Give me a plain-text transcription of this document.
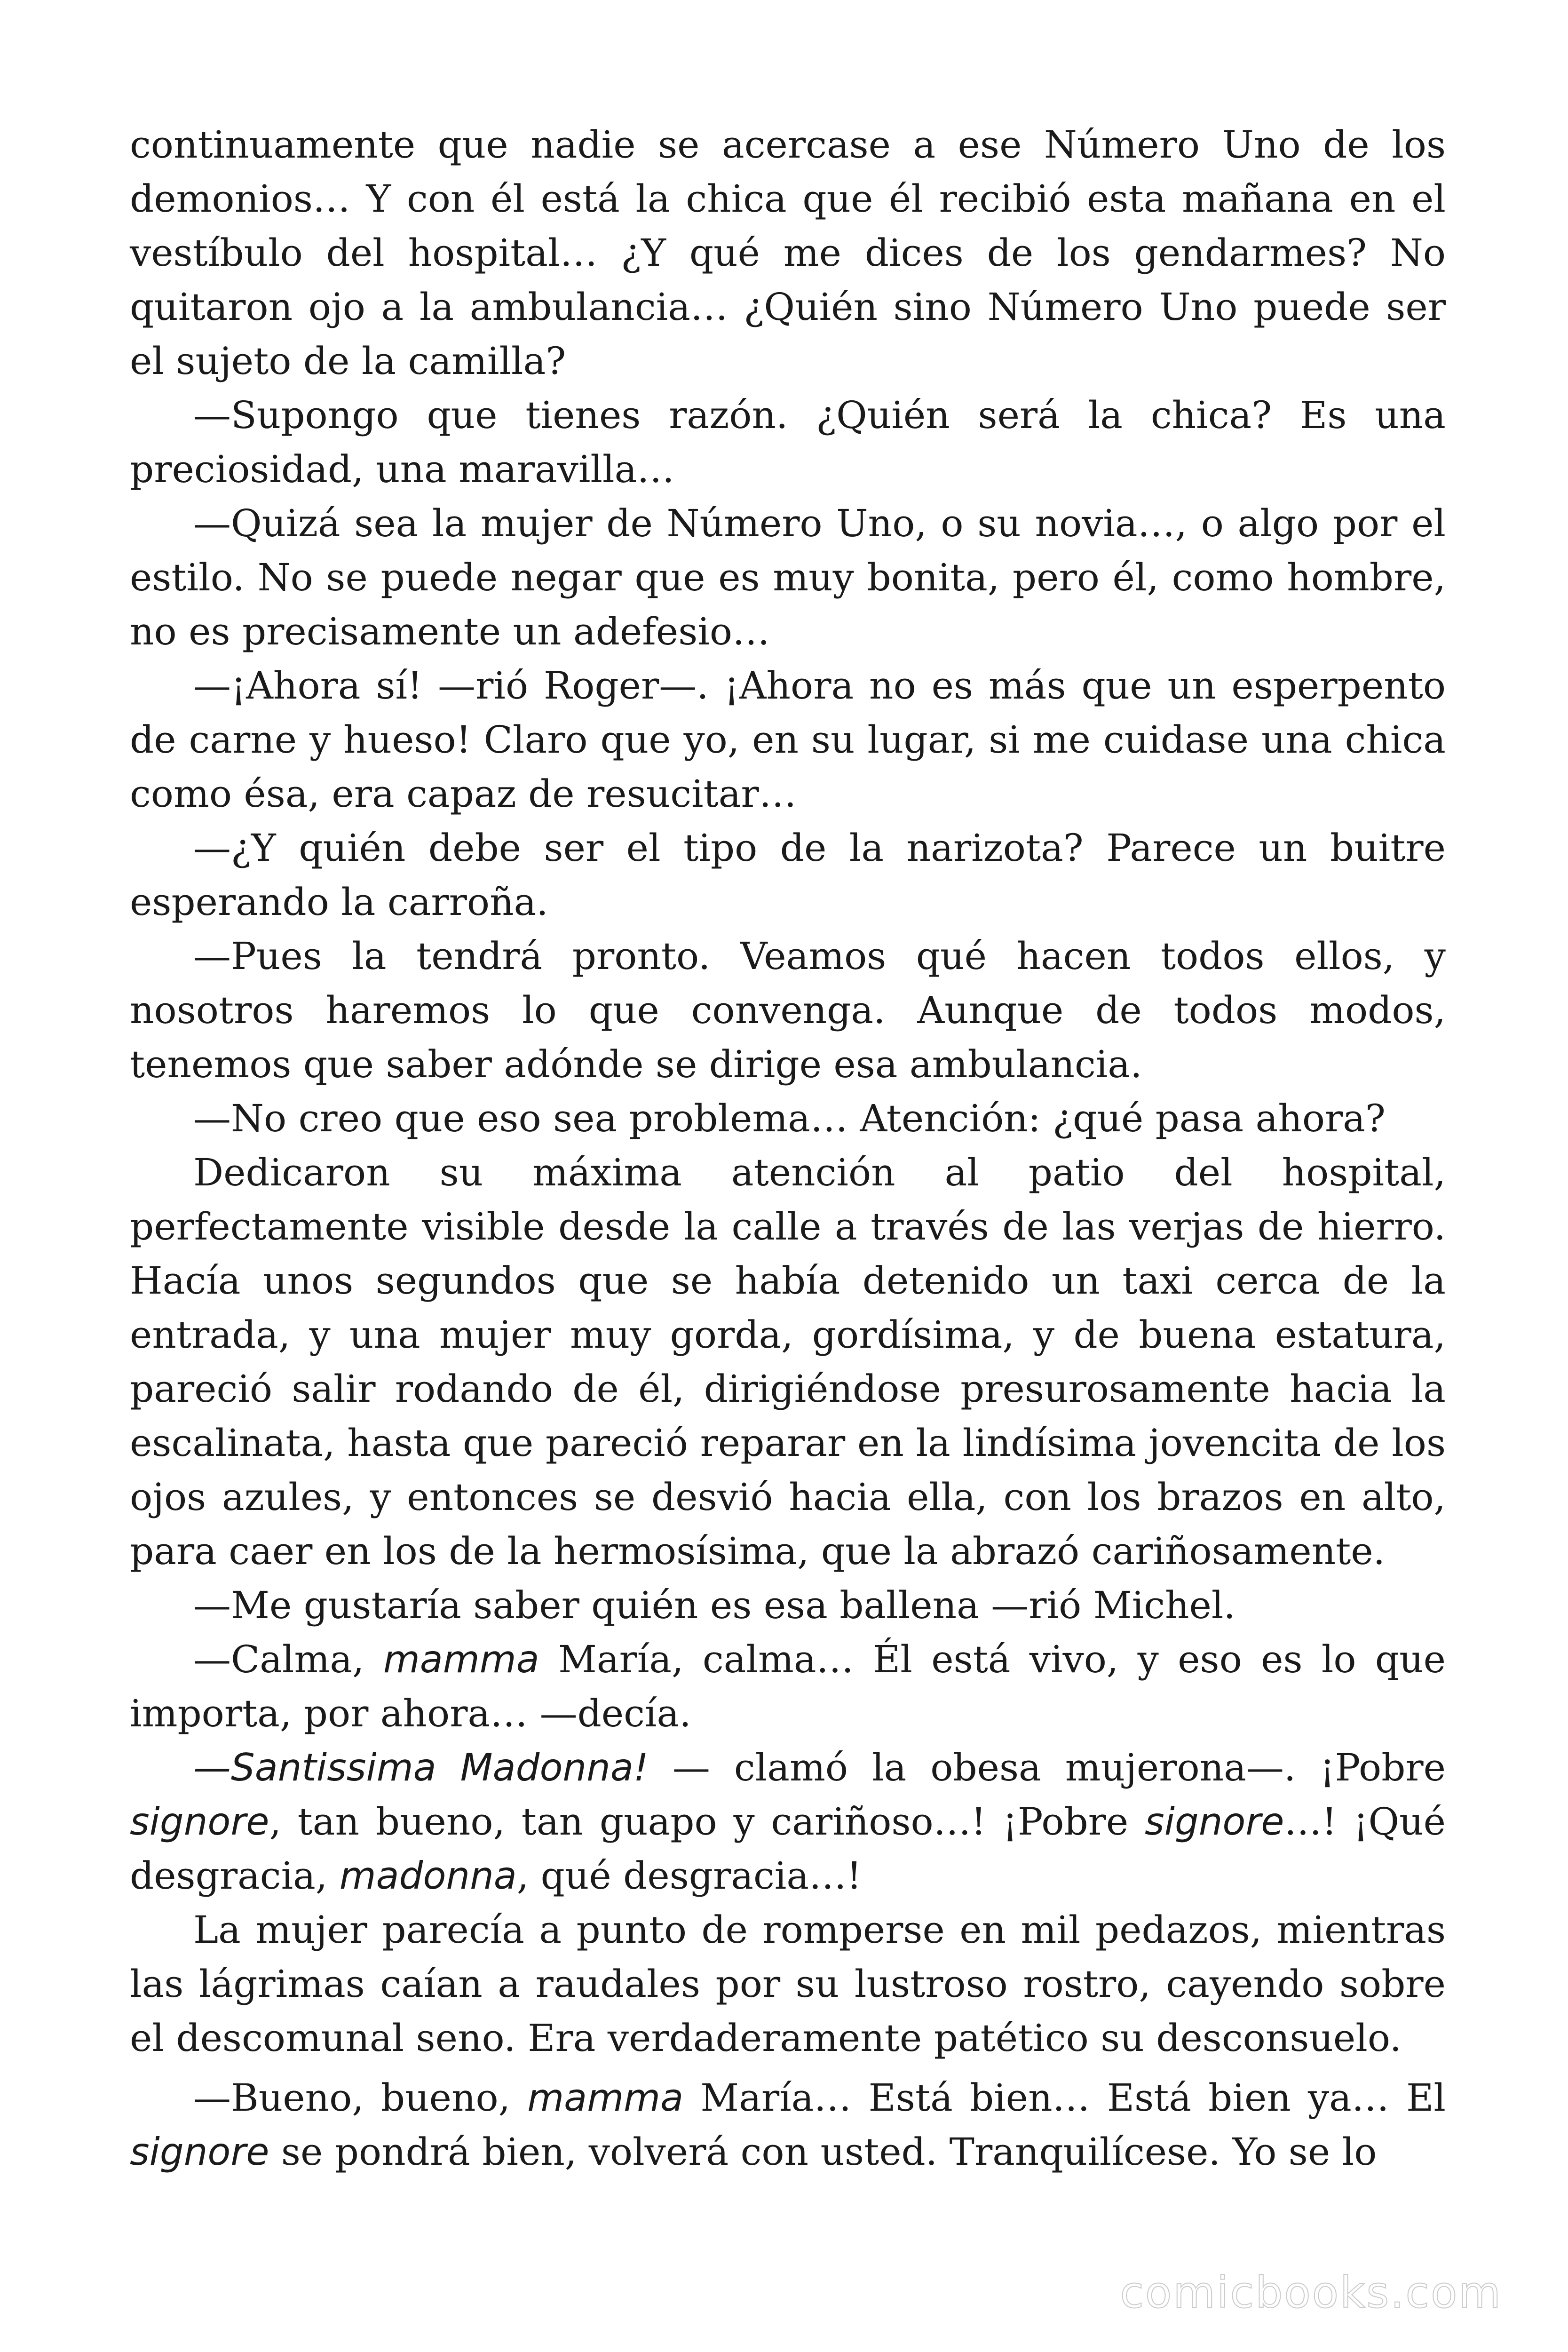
continuamente que nadie se acercase a ese Número Uno de los demonios… Y con él está la chica que él recibió esta mañana en el vestíbulo del hospital… ¿Y qué me dices de los gendarmes? No quitaron ojo a la ambulancia… ¿Quién sino Número Uno puede ser el sujeto de la camilla?

—Supongo que tienes razón. ¿Quién será la chica? Es una preciosidad, una maravilla…

—Quizá sea la mujer de Número Uno, o su novia…, o algo por el estilo. No se puede negar que es muy bonita, pero él, como hombre, no es precisamente un adefesio…

—¡Ahora sí! —rió Roger—. ¡Ahora no es más que un esperpento de carne y hueso! Claro que yo, en su lugar, si me cuidase una chica como ésa, era capaz de resucitar…

—¿Y quién debe ser el tipo de la narizota? Parece un buitre esperando la carroña.

—Pues la tendrá pronto. Veamos qué hacen todos ellos, y nosotros haremos lo que convenga. Aunque de todos modos, tenemos que saber adónde se dirige esa ambulancia.

—No creo que eso sea problema… Atención: ¿qué pasa ahora?

Dedicaron su máxima atención al patio del hospital, perfectamente visible desde la calle a través de las verjas de hierro. Hacía unos segundos que se había detenido un taxi cerca de la entrada, y una mujer muy gorda, gordísima, y de buena estatura, pareció salir rodando de él, dirigiéndose presurosamente hacia la escalinata, hasta que pareció reparar en la lindísima jovencita de los ojos azules, y entonces se desvió hacia ella, con los brazos en alto, para caer en los de la hermosísima, que la abrazó cariñosamente.

—Me gustaría saber quién es esa ballena —rió Michel.

—Calma, mamma María, calma… Él está vivo, y eso es lo que importa, por ahora… —decía.

—Santissima Madonna! — clamó la obesa mujerona—. ¡Pobre signore, tan bueno, tan guapo y cariñoso…! ¡Pobre signore…! ¡Qué desgracia, madonna, qué desgracia…!

La mujer parecía a punto de romperse en mil pedazos, mientras las lágrimas caían a raudales por su lustroso rostro, cayendo sobre el descomunal seno. Era verdaderamente patético su desconsuelo.

—Bueno, bueno, mamma María… Está bien… Está bien ya… El signore se pondrá bien, volverá con usted. Tranquilícese. Yo se lo

comicbooks.com
